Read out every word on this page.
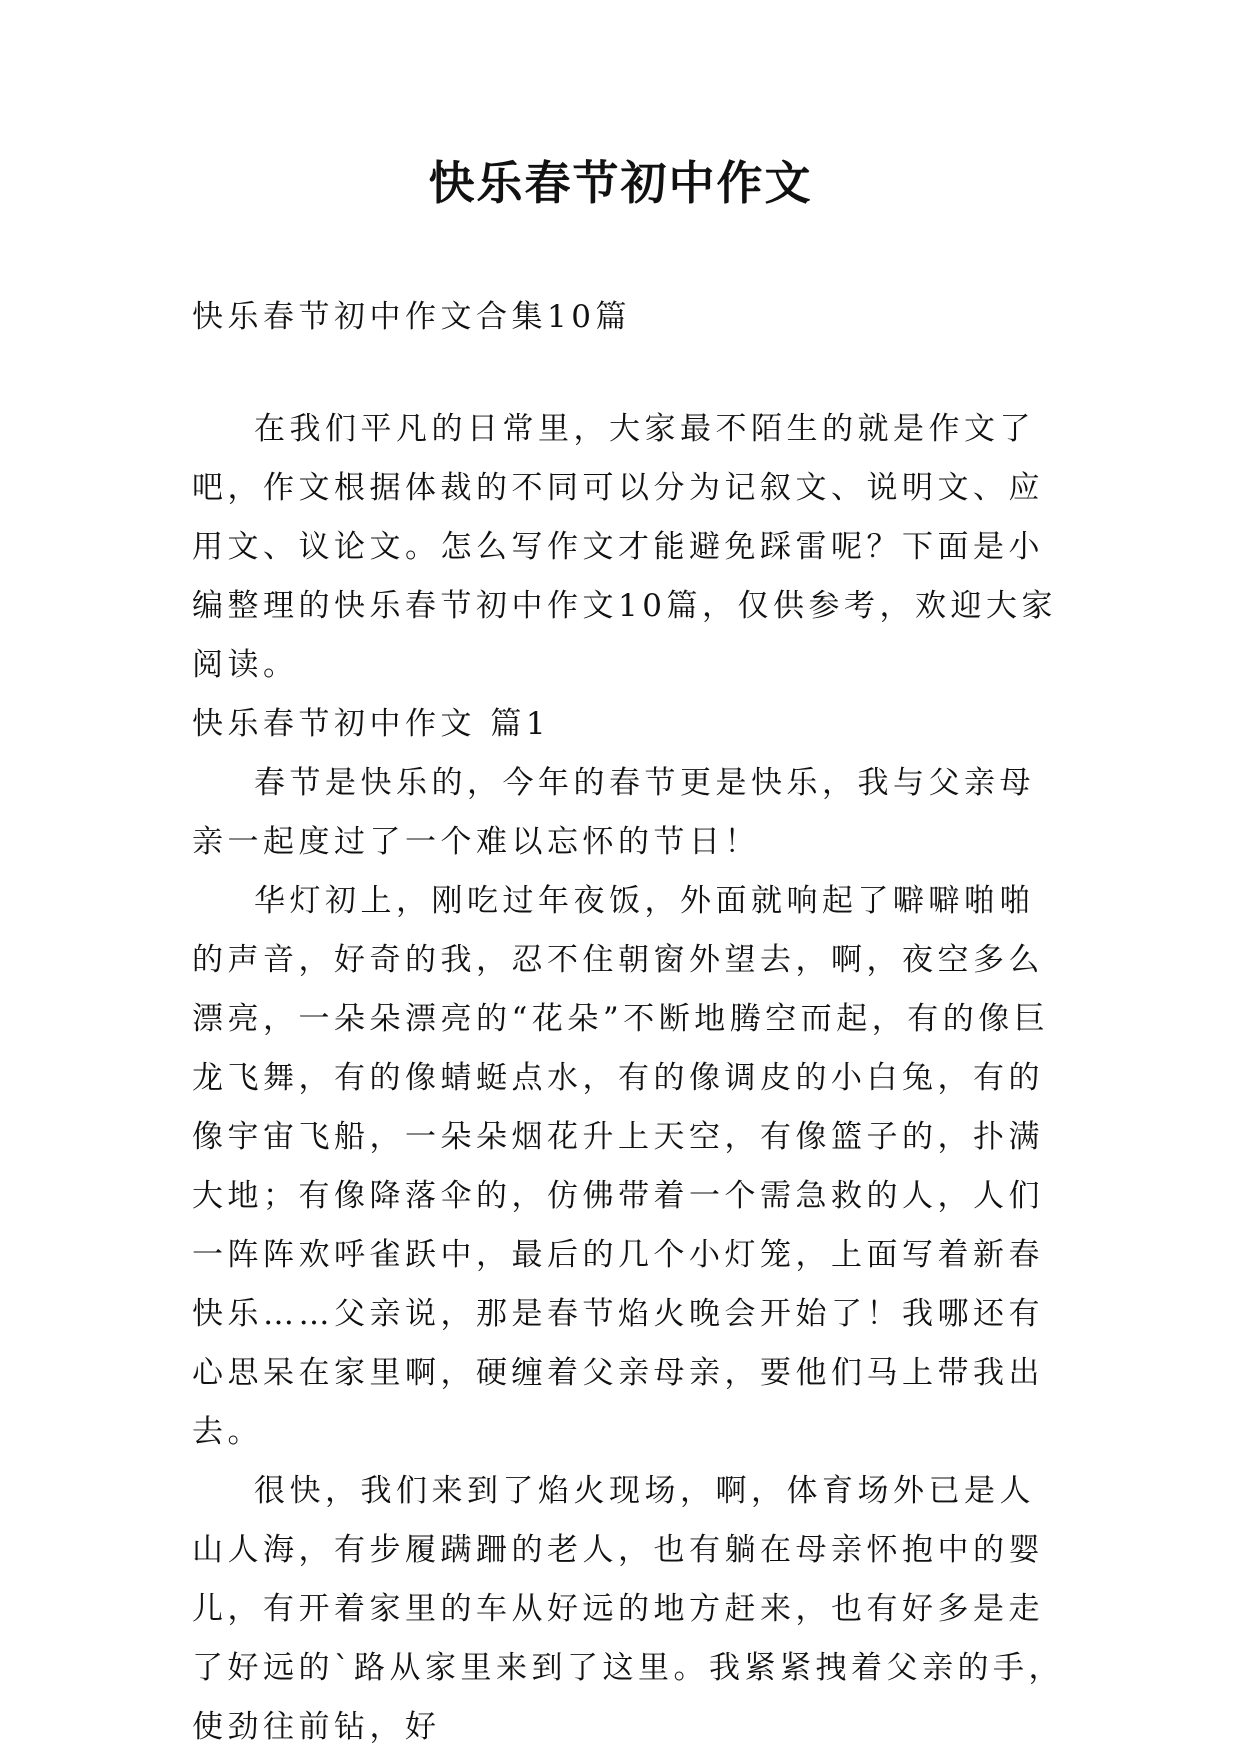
快乐春节初中作文
快乐春节初中作文合集10篇

在我们平凡的日常里，大家最不陌生的就是作文了吧，作文根据体裁的不同可以分为记叙文、说明文、应用文、议论文。怎么写作文才能避免踩雷呢？下面是小编整理的快乐春节初中作文10篇，仅供参考，欢迎大家阅读。

快乐春节初中作文 篇1

春节是快乐的，今年的春节更是快乐，我与父亲母亲一起度过了一个难以忘怀的节日！

华灯初上，刚吃过年夜饭，外面就响起了噼噼啪啪的声音，好奇的我，忍不住朝窗外望去，啊，夜空多么漂亮，一朵朵漂亮的“花朵”不断地腾空而起，有的像巨龙飞舞，有的像蜻蜓点水，有的像调皮的小白兔，有的像宇宙飞船，一朵朵烟花升上天空，有像篮子的，扑满大地；有像降落伞的，仿佛带着一个需急救的人，人们一阵阵欢呼雀跃中，最后的几个小灯笼，上面写着新春快乐……父亲说，那是春节焰火晚会开始了！我哪还有心思呆在家里啊，硬缠着父亲母亲，要他们马上带我出去。

很快，我们来到了焰火现场，啊，体育场外已是人山人海，有步履蹒跚的老人，也有躺在母亲怀抱中的婴儿，有开着家里的车从好远的地方赶来，也有好多是走了好远的`路从家里来到了这里。我紧紧拽着父亲的手，使劲往前钻，好
